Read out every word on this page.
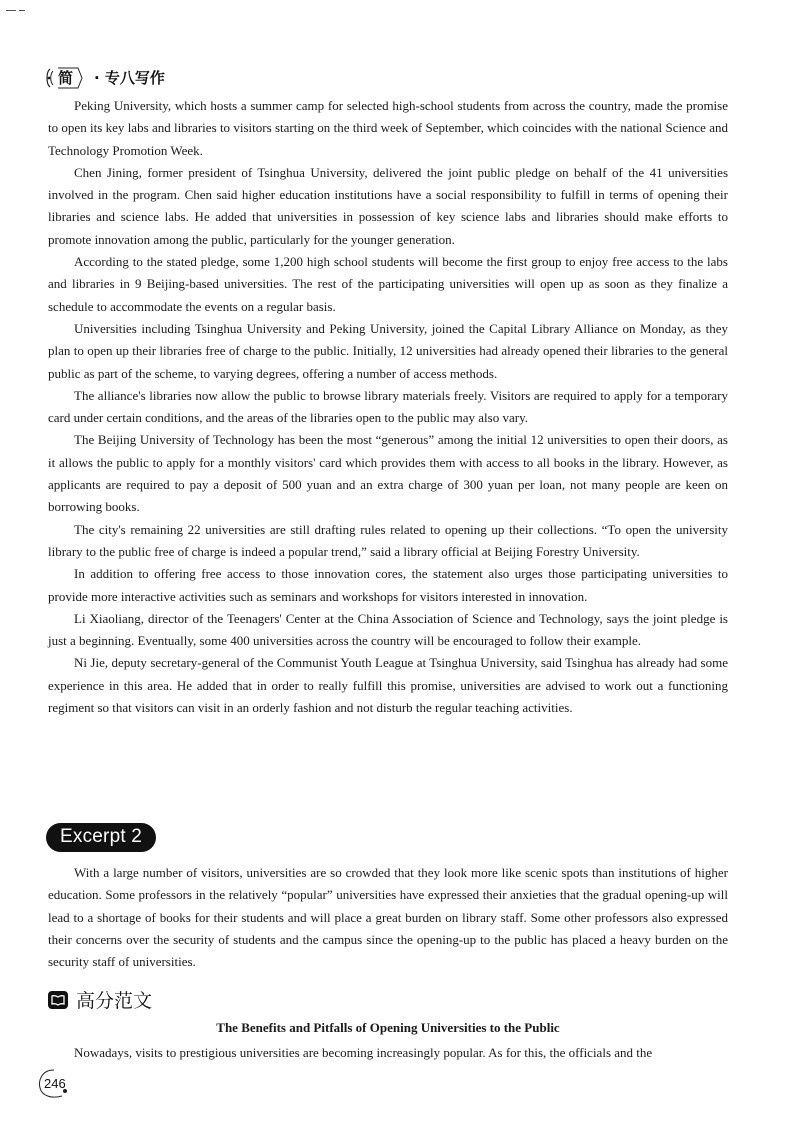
简 · 专八写作

Peking University, which hosts a summer camp for selected high-school students from across the country, made the promise to open its key labs and libraries to visitors starting on the third week of September, which coincides with the national Science and Technology Promotion Week.

Chen Jining, former president of Tsinghua University, delivered the joint public pledge on behalf of the 41 universities involved in the program. Chen said higher education institutions have a social responsibility to fulfill in terms of opening their libraries and science labs. He added that universities in possession of key science labs and libraries should make efforts to promote innovation among the public, particularly for the younger generation.

According to the stated pledge, some 1,200 high school students will become the first group to enjoy free access to the labs and libraries in 9 Beijing-based universities. The rest of the participating universities will open up as soon as they finalize a schedule to accommodate the events on a regular basis.

Universities including Tsinghua University and Peking University, joined the Capital Library Alliance on Monday, as they plan to open up their libraries free of charge to the public. Initially, 12 universities had already opened their libraries to the general public as part of the scheme, to varying degrees, offering a number of access methods.

The alliance's libraries now allow the public to browse library materials freely. Visitors are required to apply for a temporary card under certain conditions, and the areas of the libraries open to the public may also vary.

The Beijing University of Technology has been the most “generous” among the initial 12 universities to open their doors, as it allows the public to apply for a monthly visitors' card which provides them with access to all books in the library. However, as applicants are required to pay a deposit of 500 yuan and an extra charge of 300 yuan per loan, not many people are keen on borrowing books.

The city's remaining 22 universities are still drafting rules related to opening up their collections. “To open the university library to the public free of charge is indeed a popular trend,” said a library official at Beijing Forestry University.

In addition to offering free access to those innovation cores, the statement also urges those participating universities to provide more interactive activities such as seminars and workshops for visitors interested in innovation.

Li Xiaoliang, director of the Teenagers' Center at the China Association of Science and Technology, says the joint pledge is just a beginning. Eventually, some 400 universities across the country will be encouraged to follow their example.

Ni Jie, deputy secretary-general of the Communist Youth League at Tsinghua University, said Tsinghua has already had some experience in this area. He added that in order to really fulfill this promise, universities are advised to work out a functioning regiment so that visitors can visit in an orderly fashion and not disturb the regular teaching activities.

Excerpt 2

With a large number of visitors, universities are so crowded that they look more like scenic spots than institutions of higher education. Some professors in the relatively “popular” universities have expressed their anxieties that the gradual opening-up will lead to a shortage of books for their students and will place a great burden on library staff. Some other professors also expressed their concerns over the security of students and the campus since the opening-up to the public has placed a heavy burden on the security staff of universities.

高分范文
The Benefits and Pitfalls of Opening Universities to the Public
Nowadays, visits to prestigious universities are becoming increasingly popular. As for this, the officials and the
246
